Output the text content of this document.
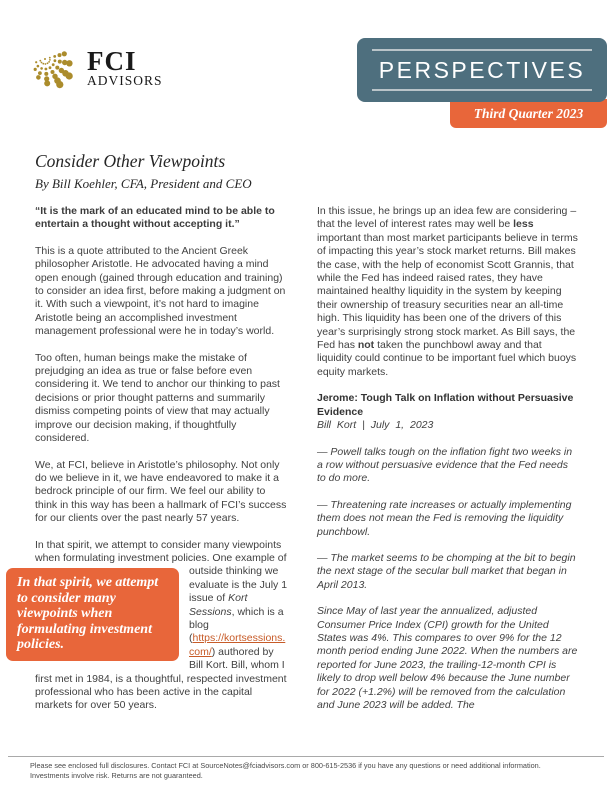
FCI
ADVISORS	PERSPECTIVES
Third Quarter 2023
Consider Other Viewpoints
By Bill Koehler, CFA, President and CEO

“It is the mark of an educated mind to be able to entertain a thought without accepting it.”

This is a quote attributed to the Ancient Greek philosopher Aristotle. He advocated having a mind open enough (gained through education and training) to consider an idea first, before making a judgment on it. With such a viewpoint, it’s not hard to imagine Aristotle being an accomplished investment management professional were he in today’s world.

Too often, human beings make the mistake of prejudging an idea as true or false before even considering it. We tend to anchor our thinking to past decisions or prior thought patterns and summarily dismiss competing points of view that may actually improve our decision making, if thoughtfully considered.

We, at FCI, believe in Aristotle’s philosophy. Not only do we believe in it, we have endeavored to make it a bedrock principle of our firm. We feel our ability to think in this way has been a hallmark of FCI’s success for our clients over the past nearly 57 years.

In that spirit, we attempt to consider many viewpoints when formulating investment policies. One example
In that spirit, we attempt to consider many viewpoints when formulating investment policies.
of outside thinking we evaluate is the July 1 issue of Kort Sessions, which is a blog (https://kortsessions.com/) authored by Bill Kort. Bill, whom I first met in 1984, is a thoughtful, respected investment professional who has been active in the capital markets for over 50 years.

In this issue, he brings up an idea few are considering – that the level of interest rates may well be less important than most market participants believe in terms of impacting this year’s stock market returns. Bill makes the case, with the help of economist Scott Grannis, that while the Fed has indeed raised rates, they have maintained healthy liquidity in the system by keeping their ownership of treasury securities near an all-time high. This liquidity has been one of the drivers of this year’s surprisingly strong stock market. As Bill says, the Fed has not taken the punchbowl away and that liquidity could continue to be important fuel which buoys equity markets.

Jerome: Tough Talk on Inflation without Persuasive Evidence

Bill Kort | July 1, 2023

— Powell talks tough on the inflation fight two weeks in a row without persuasive evidence that the Fed needs to do more.

— Threatening rate increases or actually implementing them does not mean the Fed is removing the liquidity punchbowl.

— The market seems to be chomping at the bit to begin the next stage of the secular bull market that began in April 2013.

Since May of last year the annualized, adjusted Consumer Price Index (CPI) growth for the United States was 4%. This compares to over 9% for the 12 month period ending June 2022. When the numbers are reported for June 2023, the trailing-12-month CPI is likely to drop well below 4% because the June number for 2022 (+1.2%) will be removed from the calculation and June 2023 will be added. The

Please see enclosed full disclosures. Contact FCI at SourceNotes@fciadvisors.com or 800-615-2536 if you have any questions or need additional information.
Investments involve risk. Returns are not guaranteed.
